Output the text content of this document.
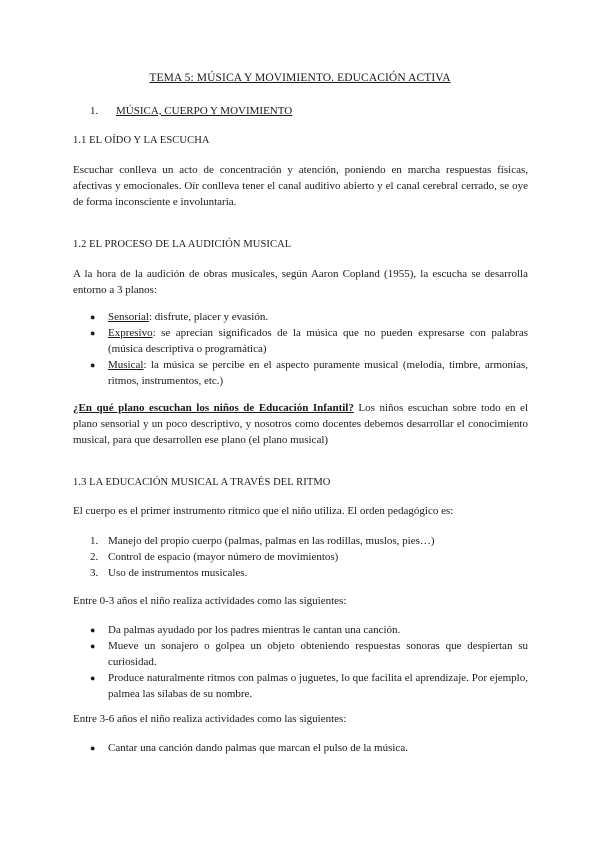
TEMA 5: MÚSICA Y MOVIMIENTO. EDUCACIÓN ACTIVA
1. MÚSICA, CUERPO Y MOVIMIENTO
1.1 EL OÍDO Y LA ESCUCHA
Escuchar conlleva un acto de concentración y atención, poniendo en marcha respuestas físicas, afectivas y emocionales. Oír conlleva tener el canal auditivo abierto y el canal cerebral cerrado, se oye de forma inconsciente e involuntaria.
1.2 EL PROCESO DE LA AUDICIÓN MUSICAL
A la hora de la audición de obras musicales, según Aaron Copland (1955), la escucha se desarrolla entorno a 3 planos:
● Sensorial: disfrute, placer y evasión.
● Expresivo: se aprecian significados de la música que no pueden expresarse con palabras (música descriptiva o programática)
● Musical: la música se percibe en el aspecto puramente musical (melodía, timbre, armonías, ritmos, instrumentos, etc.)
¿En qué plano escuchan los niños de Educación Infantil? Los niños escuchan sobre todo en el plano sensorial y un poco descriptivo, y nosotros como docentes debemos desarrollar el conocimiento musical, para que desarrollen ese plano (el plano musical)
1.3 LA EDUCACIÓN MUSICAL A TRAVÉS DEL RITMO
El cuerpo es el primer instrumento rítmico que el niño utiliza. El orden pedagógico es:
1. Manejo del propio cuerpo (palmas, palmas en las rodillas, muslos, pies…)
2. Control de espacio (mayor número de movimientos)
3. Uso de instrumentos musicales.
Entre 0-3 años el niño realiza actividades como las siguientes:
● Da palmas ayudado por los padres mientras le cantan una canción.
● Mueve un sonajero o golpea un objeto obteniendo respuestas sonoras que despiertan su curiosidad.
● Produce naturalmente ritmos con palmas o juguetes, lo que facilita el aprendizaje. Por ejemplo, palmea las sílabas de su nombre.
Entre 3-6 años el niño realiza actividades como las siguientes:
● Cantar una canción dando palmas que marcan el pulso de la música.
